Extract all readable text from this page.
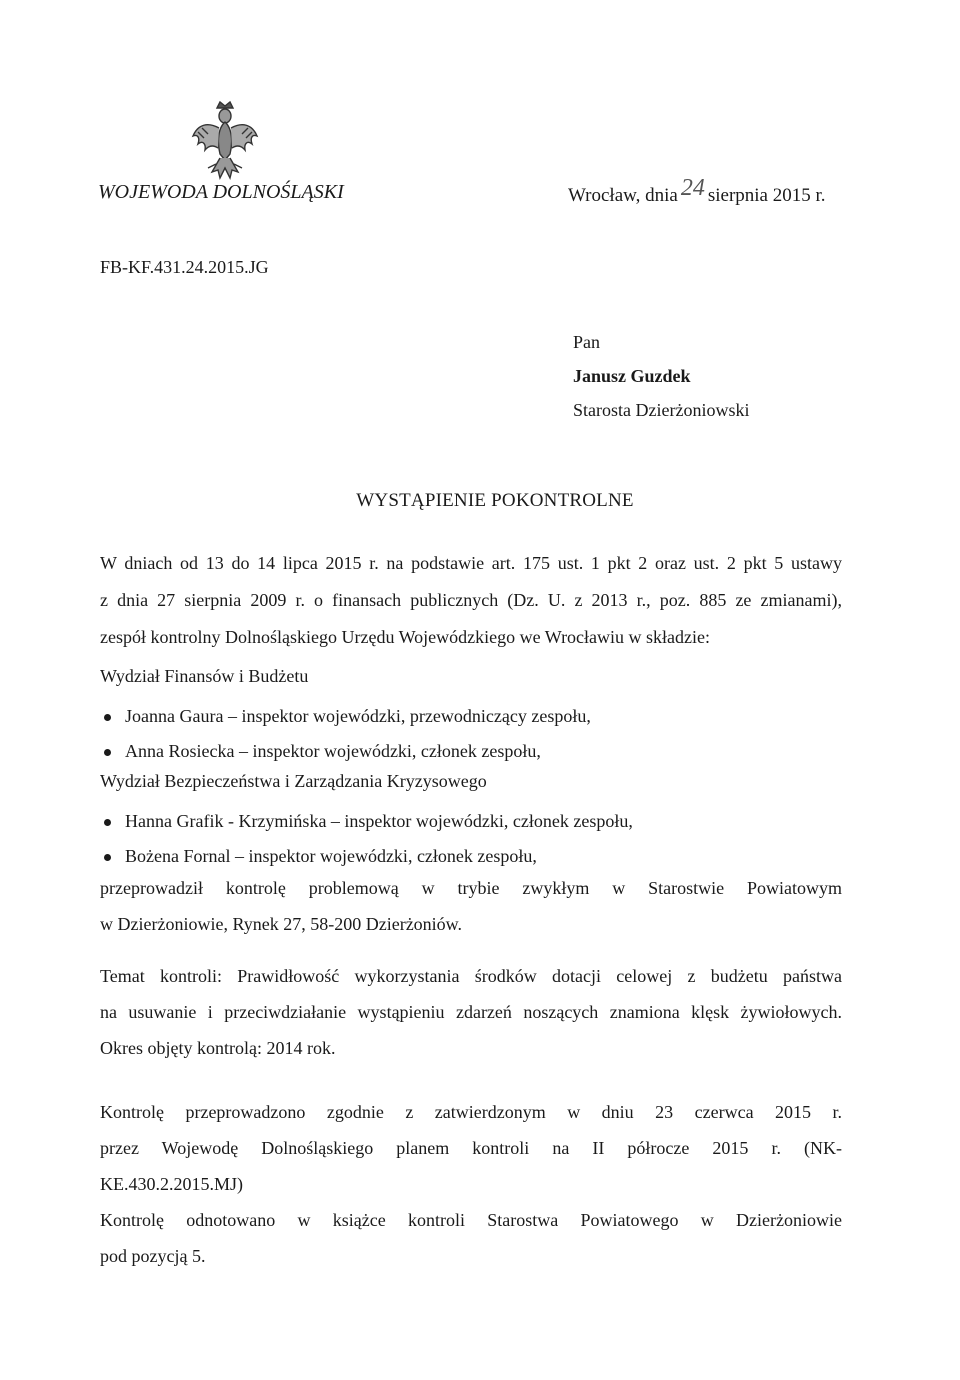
WOJEWODA DOLNOŚLĄSKI	Wrocław, dnia 24 sierpnia 2015 r.
FB-KF.431.24.2015.JG
Pan
Janusz Guzdek
Starosta Dzierżoniowski
WYSTĄPIENIE POKONTROLNE
W dniach od 13 do 14 lipca 2015 r. na podstawie art. 175 ust. 1 pkt 2 oraz ust. 2 pkt 5 ustawy
z dnia 27 sierpnia 2009 r. o finansach publicznych (Dz. U. z 2013 r., poz. 885 ze zmianami),
zespół kontrolny Dolnośląskiego Urzędu Wojewódzkiego we Wrocławiu w składzie:
Wydział Finansów i Budżetu
Joanna Gaura – inspektor wojewódzki, przewodniczący zespołu,
Anna Rosiecka – inspektor wojewódzki, członek zespołu,
Wydział Bezpieczeństwa i Zarządzania Kryzysowego
Hanna Grafik - Krzymińska – inspektor wojewódzki, członek zespołu,
Bożena Fornal – inspektor wojewódzki, członek zespołu,
przeprowadził kontrolę problemową w trybie zwykłym w Starostwie Powiatowym
w Dzierżoniowie, Rynek 27, 58-200 Dzierżoniów.
Temat kontroli: Prawidłowość wykorzystania środków dotacji celowej z budżetu państwa
na usuwanie i przeciwdziałanie wystąpieniu zdarzeń noszących znamiona klęsk żywiołowych.
Okres objęty kontrolą: 2014 rok.
Kontrolę przeprowadzono zgodnie z zatwierdzonym w dniu 23 czerwca 2015 r.
przez Wojewodę Dolnośląskiego planem kontroli na II półrocze 2015 r. (NK-
KE.430.2.2015.MJ)
Kontrolę odnotowano w książce kontroli Starostwa Powiatowego w Dzierżoniowie
pod pozycją 5.
